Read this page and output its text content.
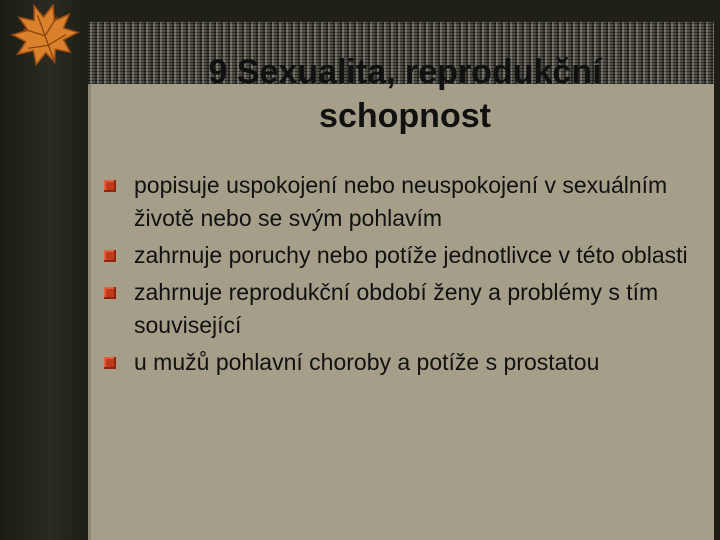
9 Sexualita, reprodukční
schopnost
popisuje uspokojení nebo neuspokojení v sexuálním životě nebo se svým pohlavím
zahrnuje poruchy nebo potíže jednotlivce v této oblasti
zahrnuje reprodukční období ženy a problémy s tím související
u mužů pohlavní choroby a potíže s prostatou
